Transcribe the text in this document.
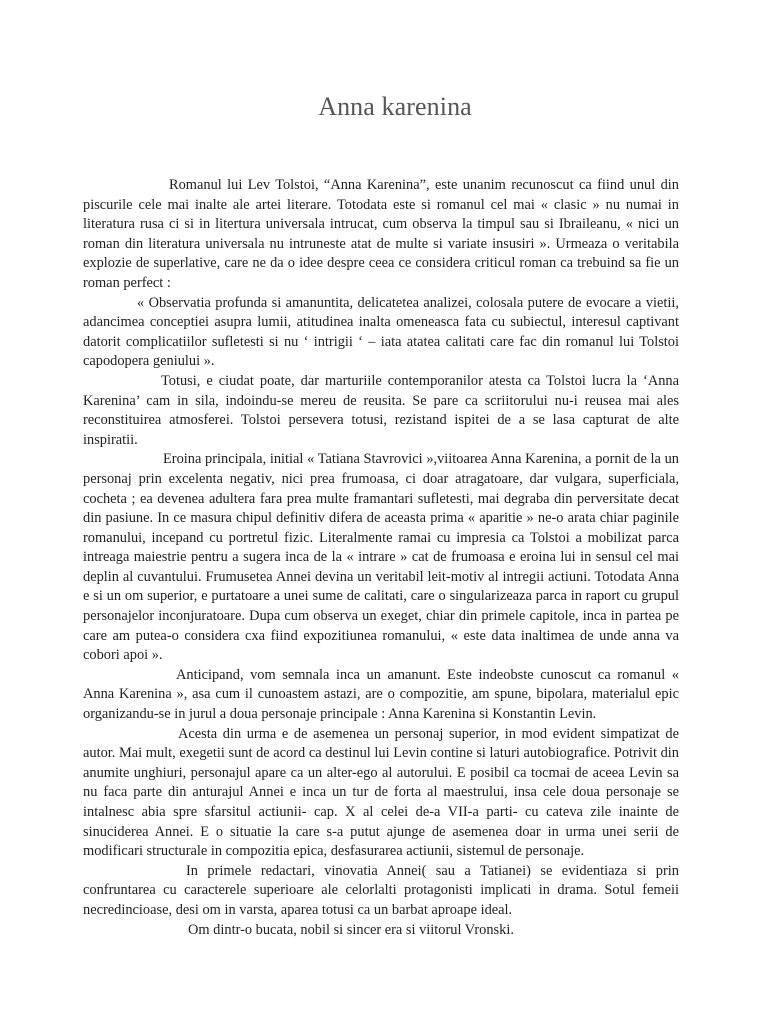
Anna karenina

Romanul lui Lev Tolstoi, “Anna Karenina”, este unanim recunoscut ca fiind unul din piscurile cele mai inalte ale artei literare. Totodata este si romanul cel mai « clasic » nu numai in literatura rusa ci si in litertura universala intrucat, cum observa la timpul sau si Ibraileanu, « nici un roman din literatura universala nu intruneste atat de multe si variate insusiri ». Urmeaza o veritabila explozie de superlative, care ne da o idee despre ceea ce considera criticul roman ca trebuind sa fie un roman perfect :

« Observatia profunda si amanuntita, delicatetea analizei, colosala putere de evocare a vietii, adancimea conceptiei asupra lumii, atitudinea inalta omeneasca fata cu subiectul, interesul captivant datorit complicatiilor sufletesti si nu ‘ intrigii ‘ – iata atatea calitati care fac din romanul lui Tolstoi capodopera geniului ».

Totusi, e ciudat poate, dar marturiile contemporanilor atesta ca Tolstoi lucra la ‘Anna Karenina’ cam in sila, indoindu-se mereu de reusita. Se pare ca scriitorului nu-i reusea mai ales reconstituirea atmosferei. Tolstoi persevera totusi, rezistand ispitei de a se lasa capturat de alte inspiratii.

Eroina principala, initial « Tatiana Stavrovici »,viitoarea Anna Karenina, a pornit de la un personaj prin excelenta negativ, nici prea frumoasa, ci doar atragatoare, dar vulgara, superficiala, cocheta ; ea devenea adultera fara prea multe framantari sufletesti, mai degraba din perversitate decat din pasiune. In ce masura chipul definitiv difera de aceasta prima « aparitie » ne-o arata chiar paginile romanului, incepand cu portretul fizic. Literalmente ramai cu impresia ca Tolstoi a mobilizat parca intreaga maiestrie pentru a sugera inca de la « intrare » cat de frumoasa e eroina lui in sensul cel mai deplin al cuvantului. Frumusetea Annei devina un veritabil leit-motiv al intregii actiuni. Totodata Anna e si un om superior, e purtatoare a unei sume de calitati, care o singularizeaza parca in raport cu grupul personajelor inconjuratoare. Dupa cum observa un exeget, chiar din primele capitole, inca in partea pe care am putea-o considera cxa fiind expozitiunea romanului, « este data inaltimea de unde anna va cobori apoi ».

Anticipand, vom semnala inca un amanunt. Este indeobste cunoscut ca romanul « Anna Karenina », asa cum il cunoastem astazi, are o compozitie, am spune, bipolara, materialul epic organizandu-se in jurul a doua personaje principale : Anna Karenina si Konstantin Levin.

Acesta din urma e de asemenea un personaj superior, in mod evident simpatizat de autor. Mai mult, exegetii sunt de acord ca destinul lui Levin contine si laturi autobiografice. Potrivit din anumite unghiuri, personajul apare ca un alter-ego al autorului. E posibil ca tocmai de aceea Levin sa nu faca parte din anturajul Annei e inca un tur de forta al maestrului, insa cele doua personaje se intalnesc abia spre sfarsitul actiunii- cap. X al celei de-a VII-a parti- cu cateva zile inainte de sinuciderea Annei. E o situatie la care s-a putut ajunge de asemenea doar in urma unei serii de modificari structurale in compozitia epica, desfasurarea actiunii, sistemul de personaje.

In primele redactari, vinovatia Annei( sau a Tatianei) se evidentiaza si prin confruntarea cu caracterele superioare ale celorlalti protagonisti implicati in drama. Sotul femeii necredincioase, desi om in varsta, aparea totusi ca un barbat aproape ideal.

Om dintr-o bucata, nobil si sincer era si viitorul Vronski.
